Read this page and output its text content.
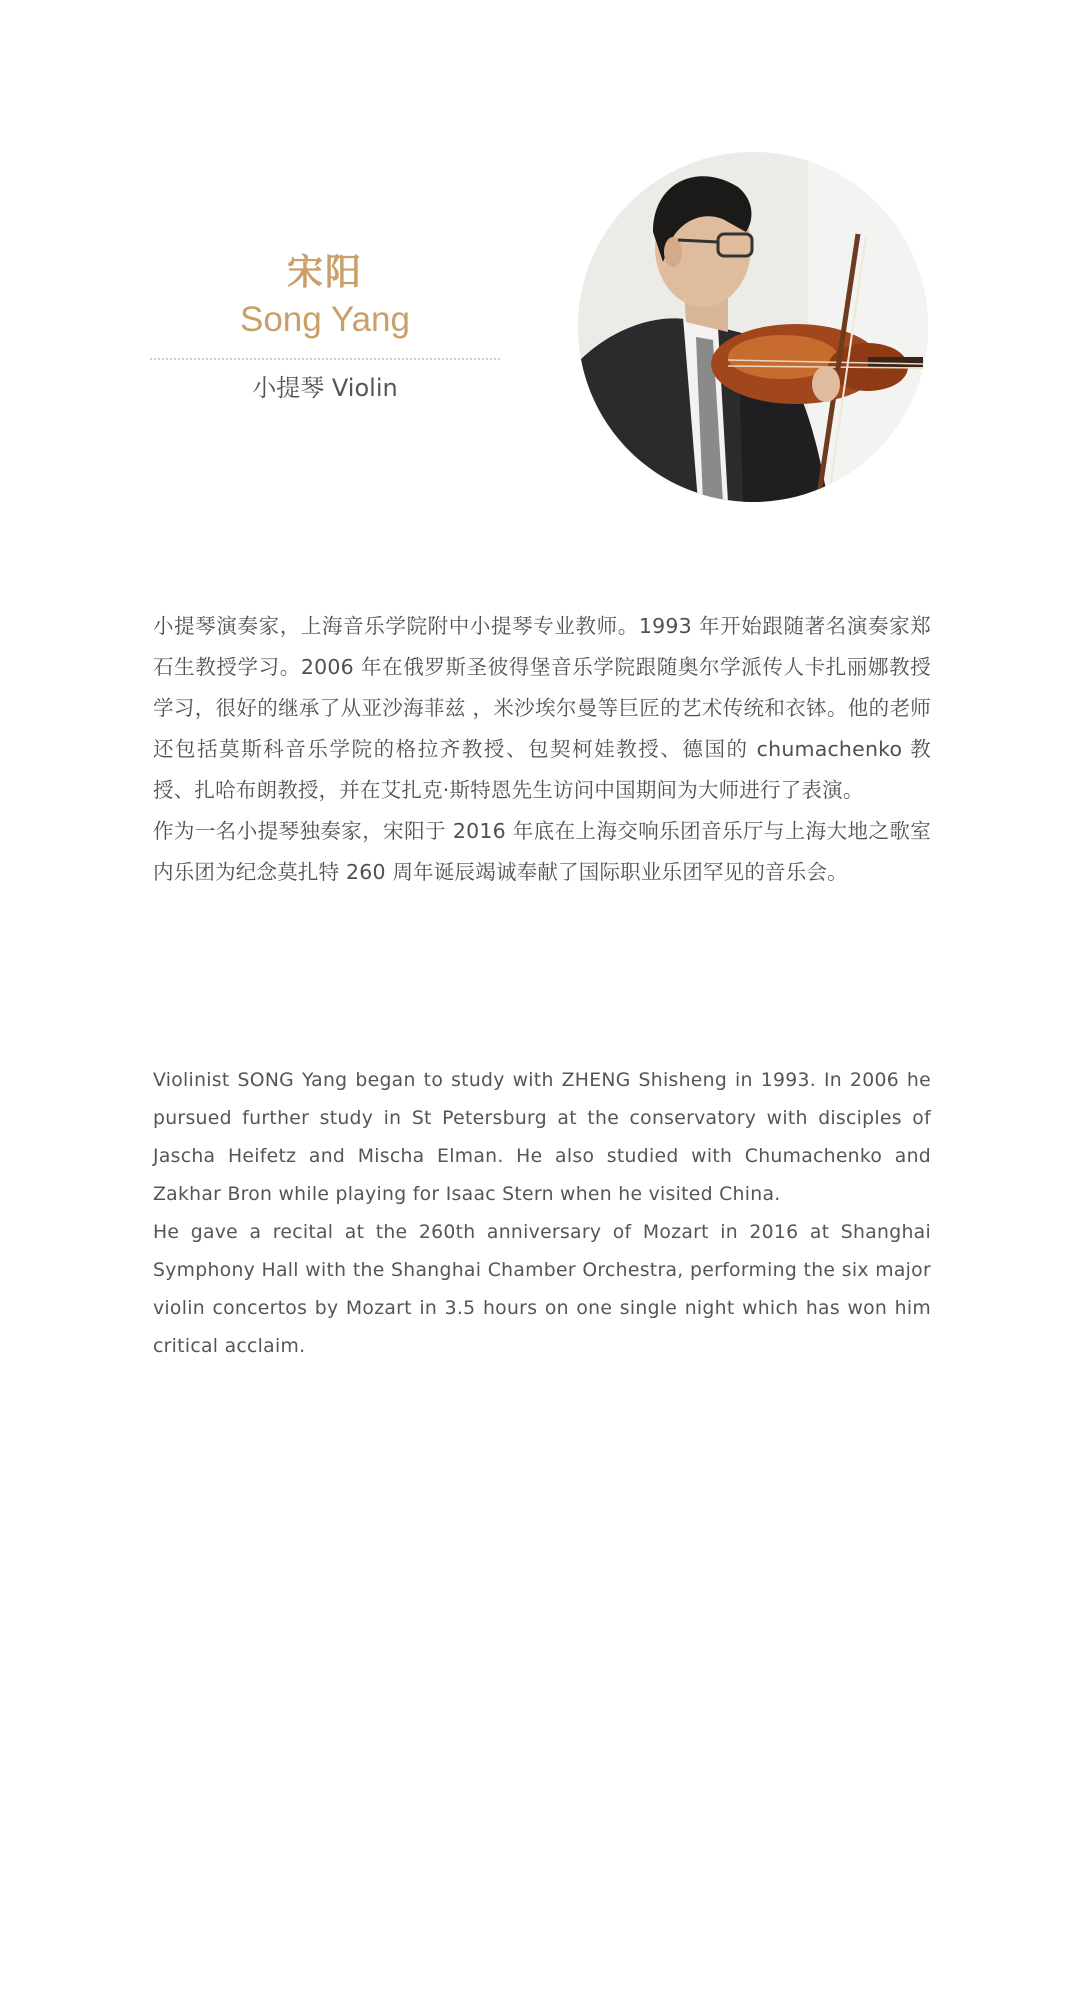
宋阳
Song Yang
小提琴 Violin

小提琴演奏家，上海音乐学院附中小提琴专业教师。1993 年开始跟随著名演奏家郑石生教授学习。2006 年在俄罗斯圣彼得堡音乐学院跟随奥尔学派传人卡扎丽娜教授学习，很好的继承了从亚沙海菲兹 ，米沙埃尔曼等巨匠的艺术传统和衣钵。他的老师还包括莫斯科音乐学院的格拉齐教授、包契柯娃教授、德国的 chumachenko 教授、扎哈布朗教授，并在艾扎克·斯特恩先生访问中国期间为大师进行了表演。

作为一名小提琴独奏家，宋阳于 2016 年底在上海交响乐团音乐厅与上海大地之歌室内乐团为纪念莫扎特 260 周年诞辰竭诚奉献了国际职业乐团罕见的音乐会。

Violinist SONG Yang began to study with ZHENG Shisheng in 1993. In 2006 he pursued further study in St Petersburg at the conservatory with disciples of Jascha Heifetz and Mischa Elman. He also studied with Chumachenko and Zakhar Bron while playing for Isaac Stern when he visited China.

He gave a recital at the 260th anniversary of Mozart in 2016 at Shanghai Symphony Hall with the Shanghai Chamber Orchestra, performing the six major violin concertos by Mozart in 3.5 hours on one single night which has won him critical acclaim.
